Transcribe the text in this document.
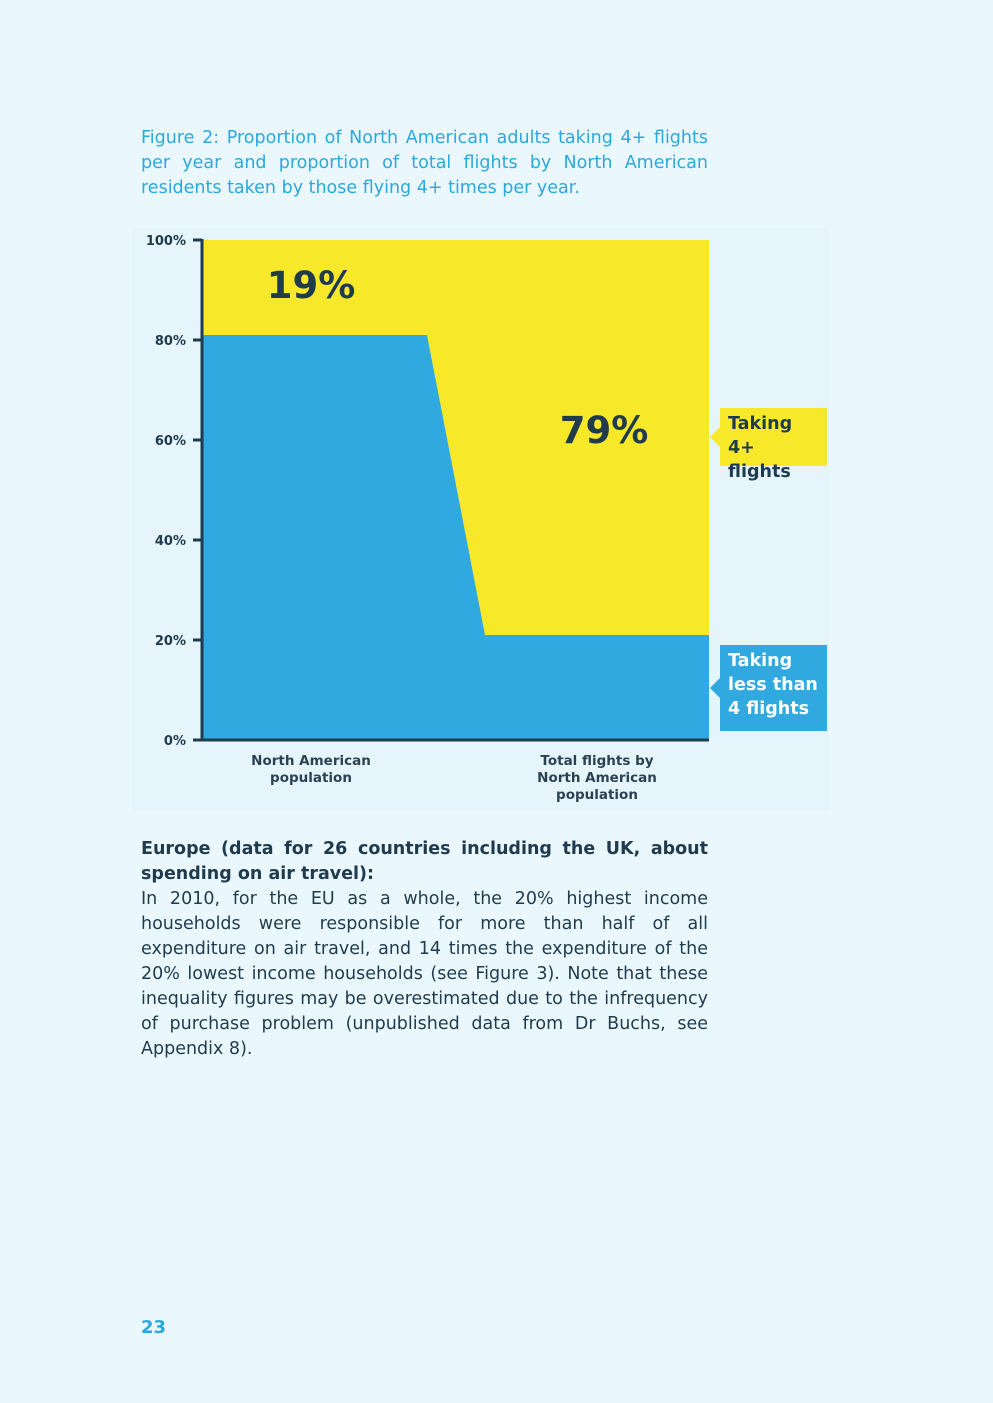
Figure 2: Proportion of North American adults taking 4+ flights per year and proportion of total flights by North American residents taken by those flying 4+ times per year.
0%
20%
40%
60%
80%
100%
North American
population
Total flights by
North American
population
19%
79%	Taking
4+ flights
Taking
less than
4 flights
Europe (data for 26 countries including the UK, about spending on air travel):
In 2010, for the EU as a whole, the 20% highest income households were responsible for more than half of all expenditure on air travel, and 14 times the expenditure of the 20% lowest income households (see Figure 3). Note that these inequality figures may be overestimated due to the infrequency of purchase problem (unpublished data from Dr Buchs, see Appendix 8).
23
